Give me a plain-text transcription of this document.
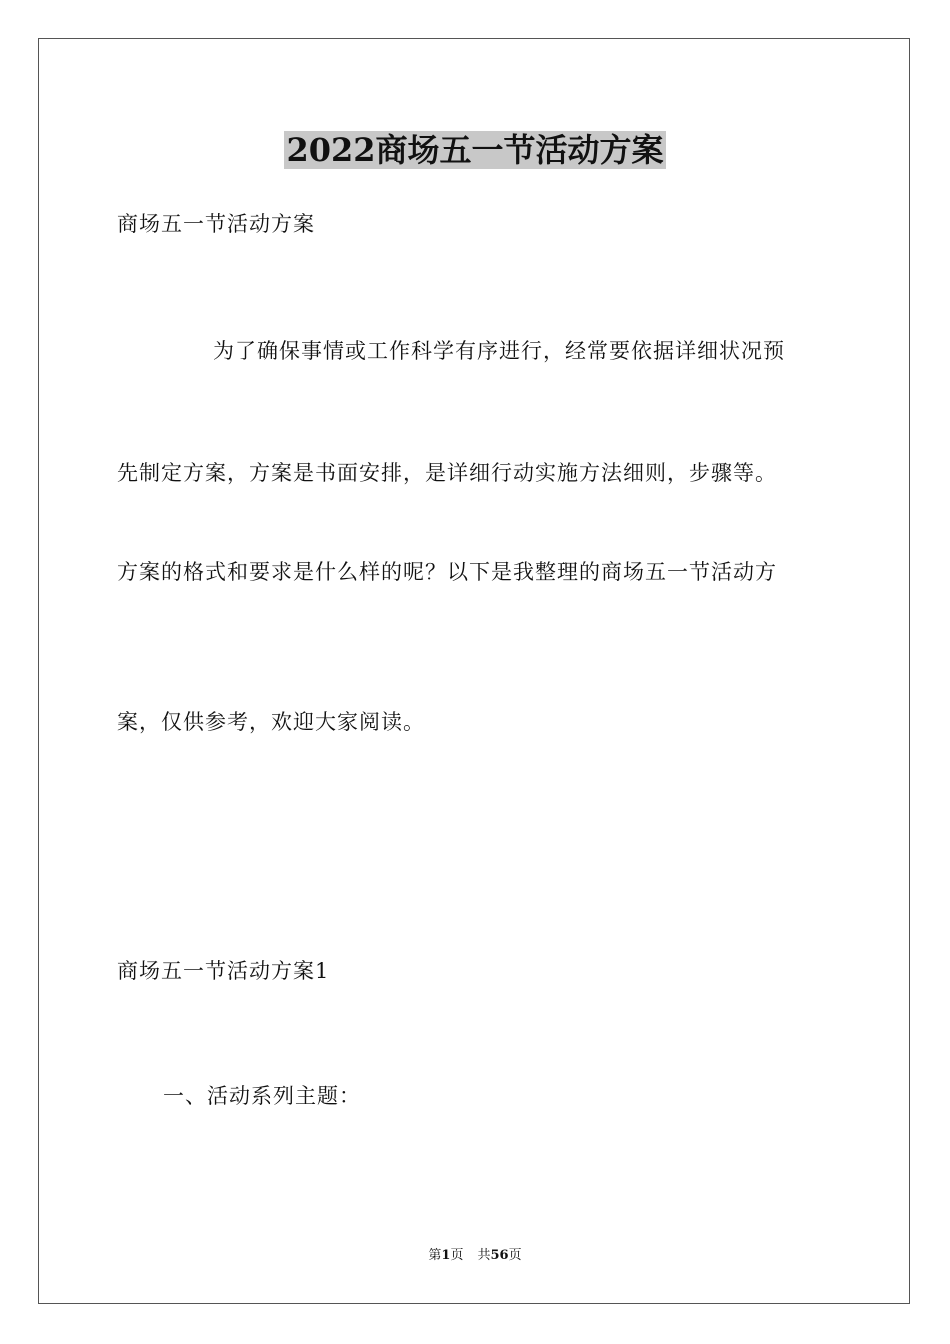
2022商场五一节活动方案
商场五一节活动方案
为了确保事情或工作科学有序进行，经常要依据详细状况预
先制定方案，方案是书面安排，是详细行动实施方法细则，步骤等。
方案的格式和要求是什么样的呢？以下是我整理的商场五一节活动方
案，仅供参考，欢迎大家阅读。
商场五一节活动方案1
一、活动系列主题：
第1页 共56页
